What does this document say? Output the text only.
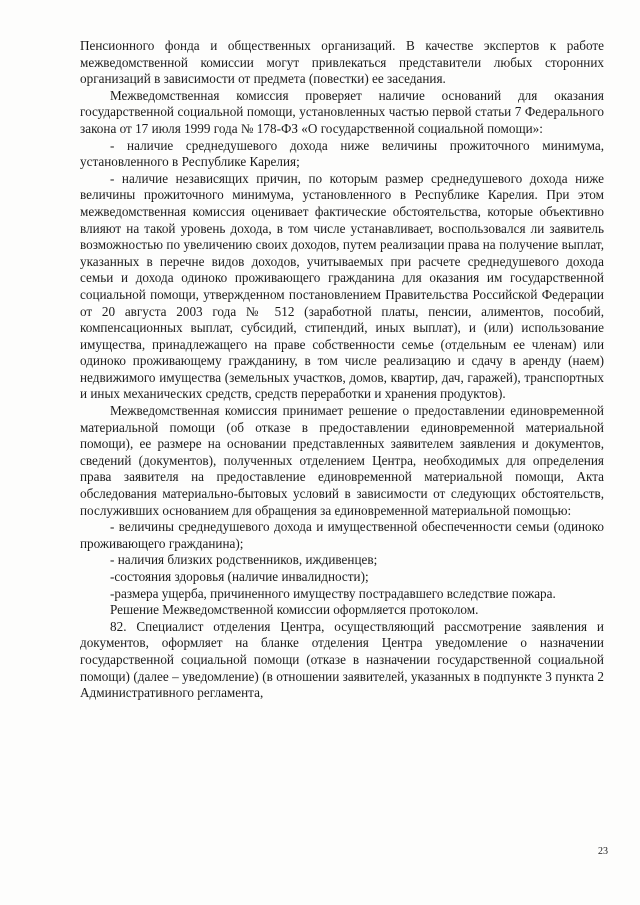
Пенсионного фонда и общественных организаций. В качестве экспертов к работе межведомственной комиссии могут привлекаться представители любых сторонних организаций в зависимости от предмета (повестки) ее заседания.

Межведомственная комиссия проверяет наличие оснований для оказания государственной социальной помощи, установленных частью первой статьи 7 Федерального закона от 17 июля 1999 года № 178-ФЗ «О государственной социальной помощи»:

- наличие среднедушевого дохода ниже величины прожиточного минимума, установленного в Республике Карелия;

- наличие независящих причин, по которым размер среднедушевого дохода ниже величины прожиточного минимума, установленного в Республике Карелия. При этом межведомственная комиссия оценивает фактические обстоятельства, которые объективно влияют на такой уровень дохода, в том числе устанавливает, воспользовался ли заявитель возможностью по увеличению своих доходов, путем реализации права на получение выплат, указанных в перечне видов доходов, учитываемых при расчете среднедушевого дохода семьи и дохода одиноко проживающего гражданина для оказания им государственной социальной помощи, утвержденном постановлением Правительства Российской Федерации от 20 августа 2003 года № 512 (заработной платы, пенсии, алиментов, пособий, компенсационных выплат, субсидий, стипендий, иных выплат), и (или) использование имущества, принадлежащего на праве собственности семье (отдельным ее членам) или одиноко проживающему гражданину, в том числе реализацию и сдачу в аренду (наем) недвижимого имущества (земельных участков, домов, квартир, дач, гаражей), транспортных и иных механических средств, средств переработки и хранения продуктов).

Межведомственная комиссия принимает решение о предоставлении единовременной материальной помощи (об отказе в предоставлении единовременной материальной помощи), ее размере на основании представленных заявителем заявления и документов, сведений (документов), полученных отделением Центра, необходимых для определения права заявителя на предоставление единовременной материальной помощи, Акта обследования материально-бытовых условий в зависимости от следующих обстоятельств, послуживших основанием для обращения за единовременной материальной помощью:

- величины среднедушевого дохода и имущественной обеспеченности семьи (одиноко проживающего гражданина);

- наличия близких родственников, иждивенцев;

-состояния здоровья (наличие инвалидности);

-размера ущерба, причиненного имуществу пострадавшего вследствие пожара.

Решение Межведомственной комиссии оформляется протоколом.

82. Специалист отделения Центра, осуществляющий рассмотрение заявления и документов, оформляет на бланке отделения Центра уведомление о назначении государственной социальной помощи (отказе в назначении государственной социальной помощи) (далее – уведомление) (в отношении заявителей, указанных в подпункте 3 пункта 2 Административного регламента,

23
